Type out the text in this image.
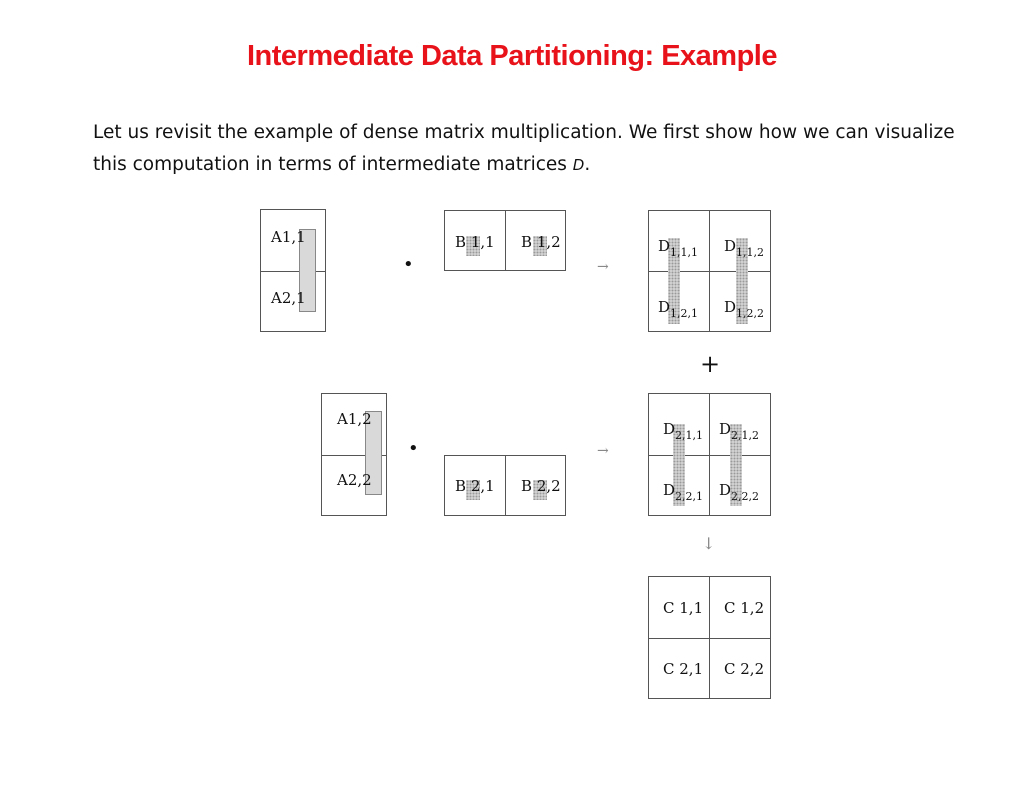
Intermediate Data Partitioning: Example

Let us revisit the example of dense matrix multiplication. We first show how we can visualize this computation in terms of intermediate matrices D.

A1,1
A2,1
•
B 1,1 B 1,2
→
$D_{1,1,1}$ $D_{1,1,2}$
$D_{1,2,1}$ $D_{1,2,2}$
+
A1,2
A2,2
•
B 2,1 B 2,2
→
$D_{2,1,1}$ $D_{2,1,2}$
$D_{2,2,1}$ $D_{2,2,2}$
↓
C 1,1 C 1,2
C 2,1 C 2,2
